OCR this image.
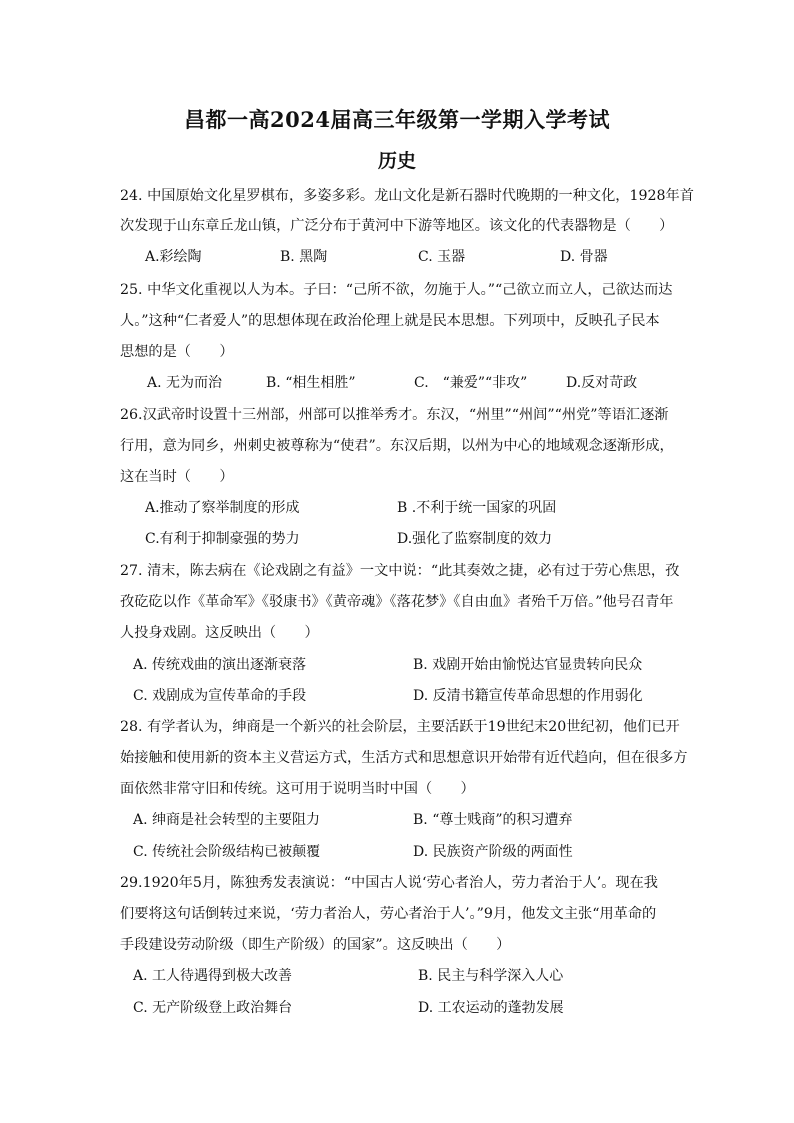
昌都一高2024届高三年级第一学期入学考试
历史
24. 中国原始文化星罗棋布，多姿多彩。龙山文化是新石器时代晚期的一种文化，1928年首
次发现于山东章丘龙山镇，广泛分布于黄河中下游等地区。该文化的代表器物是（　　）
A.彩绘陶	B. 黑陶	C. 玉器	D. 骨器
25. 中华文化重视以人为本。子曰：“己所不欲，勿施于人。”“己欲立而立人，己欲达而达
人。”这种“仁者爱人”的思想体现在政治伦理上就是民本思想。下列项中，反映孔子民本
思想的是（　　）
A. 无为而治	B. “相生相胜”	C.　“兼爱”“非攻”	D.反对苛政
26.汉武帝时设置十三州部，州部可以推举秀才。东汉，“州里”“州闾”“州党”等语汇逐渐
行用，意为同乡，州刺史被尊称为“使君”。东汉后期，以州为中心的地域观念逐渐形成，
这在当时（　　）
A.推动了察举制度的形成	B .不利于统一国家的巩固
C.有利于抑制豪强的势力	D.强化了监察制度的效力
27. 清末，陈去病在《论戏剧之有益》一文中说：“此其奏效之捷，必有过于劳心焦思，孜
孜矻矻以作《革命军》《驳康书》《黄帝魂》《落花梦》《自由血》者殆千万倍。”他号召青年
人投身戏剧。这反映出（　　）
A. 传统戏曲的演出逐渐衰落	B. 戏剧开始由愉悦达官显贵转向民众
C. 戏剧成为宣传革命的手段	D. 反清书籍宣传革命思想的作用弱化
28. 有学者认为，绅商是一个新兴的社会阶层，主要活跃于19世纪末20世纪初，他们已开
始接触和使用新的资本主义营运方式，生活方式和思想意识开始带有近代趋向，但在很多方
面依然非常守旧和传统。这可用于说明当时中国（　　）
A. 绅商是社会转型的主要阻力	B. “尊士贱商”的积习遭弃
C. 传统社会阶级结构已被颠覆	D. 民族资产阶级的两面性
29.1920年5月，陈独秀发表演说：“中国古人说‘劳心者治人，劳力者治于人’。现在我
们要将这句话倒转过来说，‘劳力者治人，劳心者治于人’。”9月，他发文主张“用革命的
手段建设劳动阶级（即生产阶级）的国家”。这反映出（　　）
A. 工人待遇得到极大改善	B. 民主与科学深入人心
C. 无产阶级登上政治舞台	D. 工农运动的蓬勃发展
